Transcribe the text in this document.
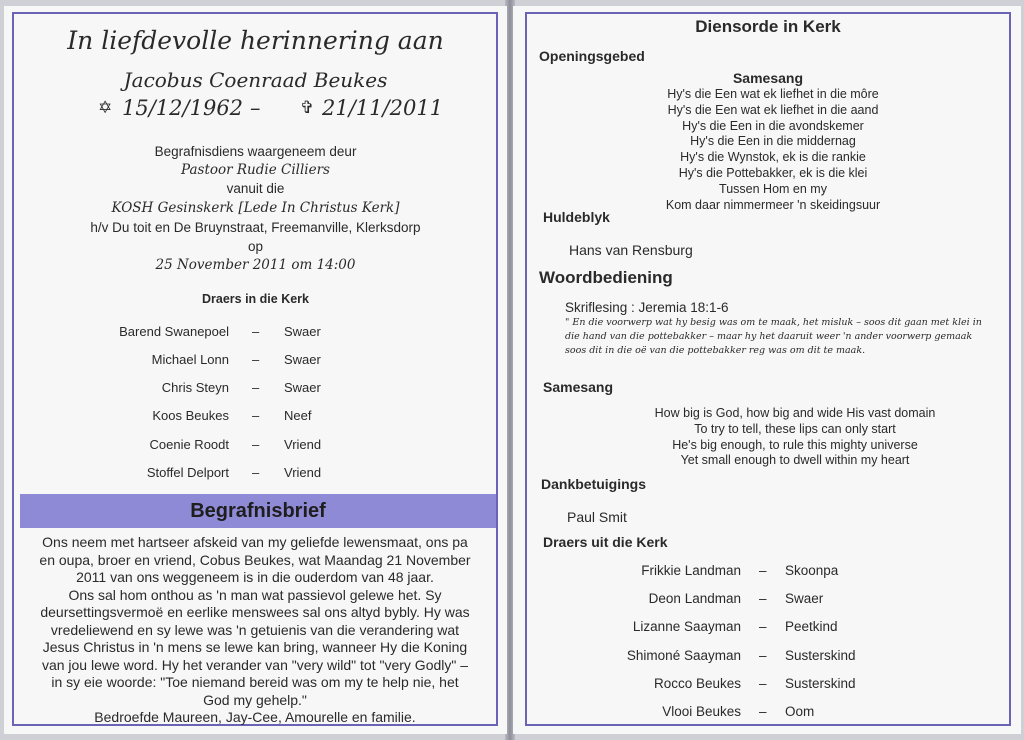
In liefdevolle herinnering aan
Jacobus Coenraad Beukes
✡ 15/12/1962 – ✞ 21/11/2011
Begrafnisdiens waargeneem deur
Pastoor Rudie Cilliers
vanuit die
KOSH Gesinskerk [Lede In Christus Kerk]
h/v Du toit en De Bruynstraat, Freemanville, Klerksdorp
op
25 November 2011 om 14:00
Draers in die Kerk
Barend Swanepoel – Swaer
Michael Lonn – Swaer
Chris Steyn – Swaer
Koos Beukes – Neef
Coenie Roodt – Vriend
Stoffel Delport – Vriend
Begrafnisbrief

Ons neem met hartseer afskeid van my geliefde lewensmaat, ons pa

en oupa, broer en vriend, Cobus Beukes, wat Maandag 21 November

2011 van ons weggeneem is in die ouderdom van 48 jaar.

Ons sal hom onthou as 'n man wat passievol gelewe het. Sy

deursettingsvermoë en eerlike menswees sal ons altyd bybly. Hy was

vredeliewend en sy lewe was 'n getuienis van die verandering wat

Jesus Christus in 'n mens se lewe kan bring, wanneer Hy die Koning

van jou lewe word. Hy het verander van "very wild" tot "very Godly" –

in sy eie woorde: "Toe niemand bereid was om my te help nie, het

God my gehelp."

Bedroefde Maureen, Jay-Cee, Amourelle en familie.

Diensorde in Kerk
Openingsgebed
Samesang
Hy's die Een wat ek liefhet in die môre
Hy's die Een wat ek liefhet in die aand
Hy's die Een in die avondskemer
Hy's die Een in die middernag
Hy's die Wynstok, ek is die rankie
Hy's die Pottebakker, ek is die klei
Tussen Hom en my
Kom daar nimmermeer 'n skeidingsuur
Huldeblyk
Hans van Rensburg
Woordbediening
Skriflesing : Jeremia 18:1-6
" En die voorwerp wat hy besig was om te maak, het misluk – soos dit gaan met klei in
die hand van die pottebakker – maar hy het daaruit weer 'n ander voorwerp gemaak
soos dit in die oë van die pottebakker reg was om dit te maak.
Samesang
How big is God, how big and wide His vast domain
To try to tell, these lips can only start
He's big enough, to rule this mighty universe
Yet small enough to dwell within my heart
Dankbetuigings
Paul Smit
Draers uit die Kerk
Frikkie Landman – Skoonpa
Deon Landman – Swaer
Lizanne Saayman – Peetkind
Shimoné Saayman – Susterskind
Rocco Beukes – Susterskind
Vlooi Beukes – Oom
